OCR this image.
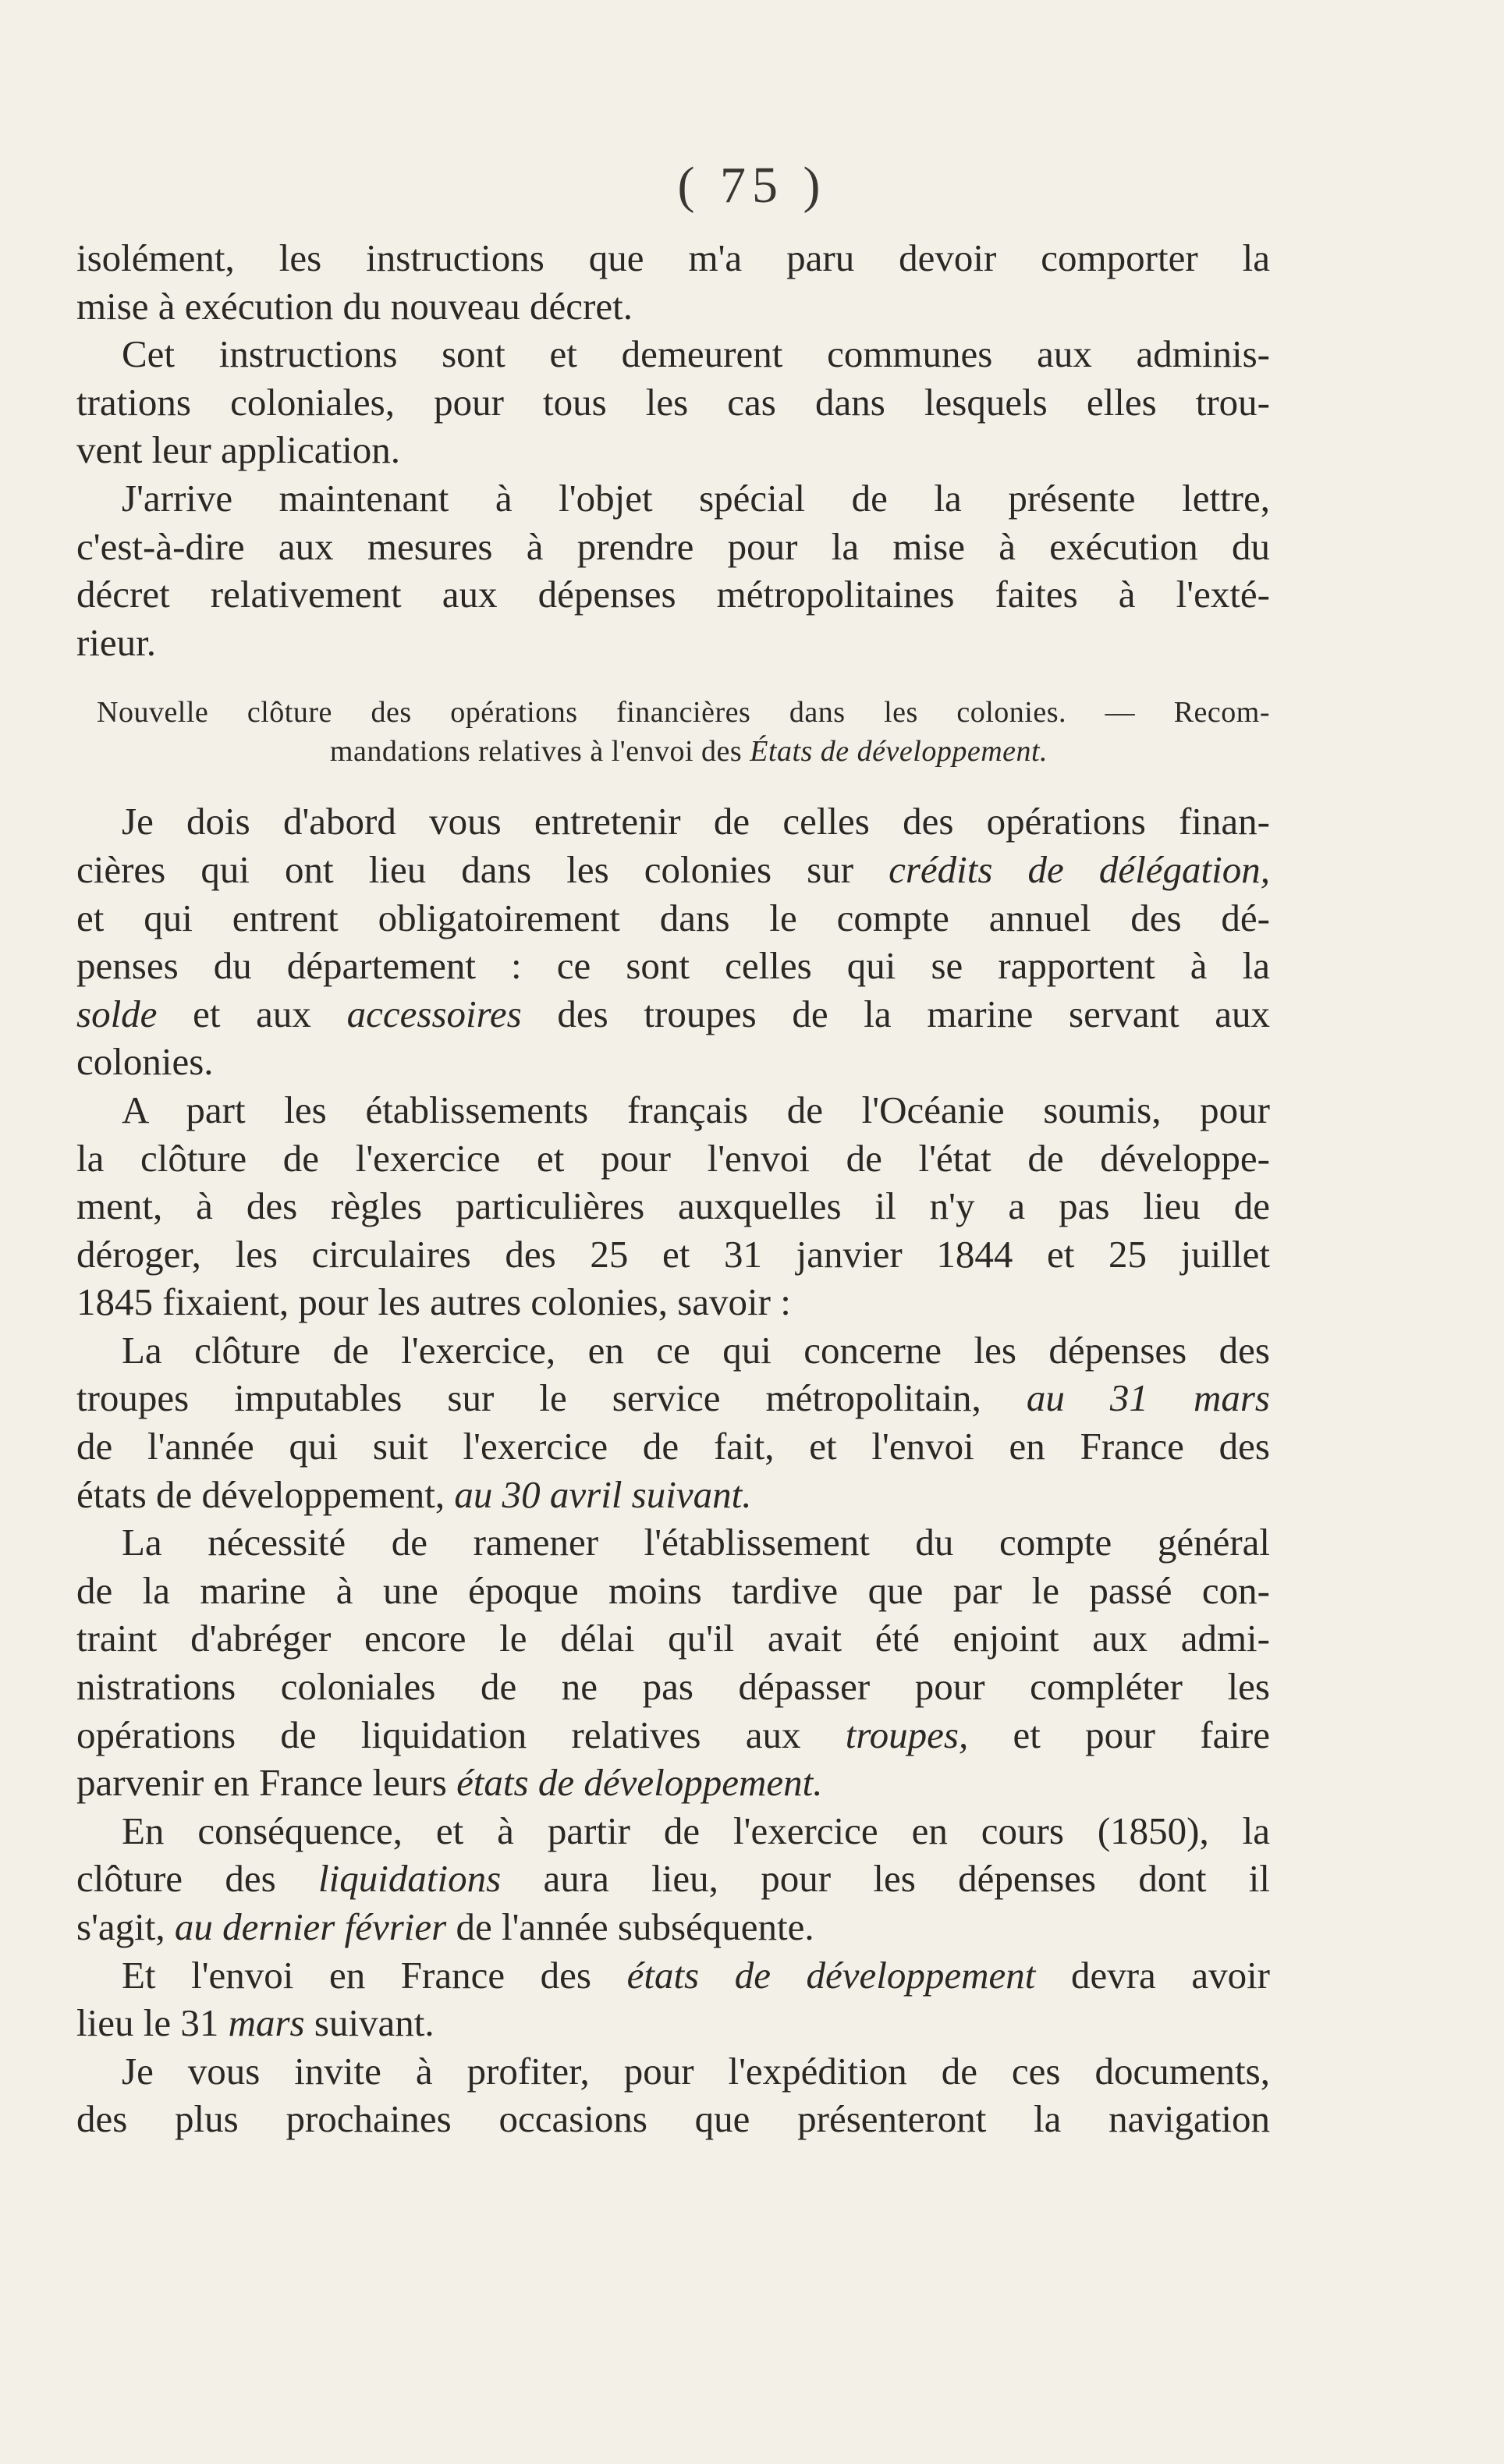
( 75 )
isolément, les instructions que m'a paru devoir comporter la
mise à exécution du nouveau décret.
Cet instructions sont et demeurent communes aux adminis-
trations coloniales, pour tous les cas dans lesquels elles trou-
vent leur application.
J'arrive maintenant à l'objet spécial de la présente lettre,
c'est-à-dire aux mesures à prendre pour la mise à exécution du
décret relativement aux dépenses métropolitaines faites à l'exté-
rieur.
Nouvelle clôture des opérations financières dans les colonies. — Recom-
mandations relatives à l'envoi des États de développement.
Je dois d'abord vous entretenir de celles des opérations finan-
cières qui ont lieu dans les colonies sur crédits de délégation,
et qui entrent obligatoirement dans le compte annuel des dé-
penses du département : ce sont celles qui se rapportent à la
solde et aux accessoires des troupes de la marine servant aux
colonies.
A part les établissements français de l'Océanie soumis, pour
la clôture de l'exercice et pour l'envoi de l'état de développe-
ment, à des règles particulières auxquelles il n'y a pas lieu de
déroger, les circulaires des 25 et 31 janvier 1844 et 25 juillet
1845 fixaient, pour les autres colonies, savoir :
La clôture de l'exercice, en ce qui concerne les dépenses des
troupes imputables sur le service métropolitain, au 31 mars
de l'année qui suit l'exercice de fait, et l'envoi en France des
états de développement, au 30 avril suivant.
La nécessité de ramener l'établissement du compte général
de la marine à une époque moins tardive que par le passé con-
traint d'abréger encore le délai qu'il avait été enjoint aux admi-
nistrations coloniales de ne pas dépasser pour compléter les
opérations de liquidation relatives aux troupes, et pour faire
parvenir en France leurs états de développement.
En conséquence, et à partir de l'exercice en cours (1850), la
clôture des liquidations aura lieu, pour les dépenses dont il
s'agit, au dernier février de l'année subséquente.
Et l'envoi en France des états de développement devra avoir
lieu le 31 mars suivant.
Je vous invite à profiter, pour l'expédition de ces documents,
des plus prochaines occasions que présenteront la navigation
